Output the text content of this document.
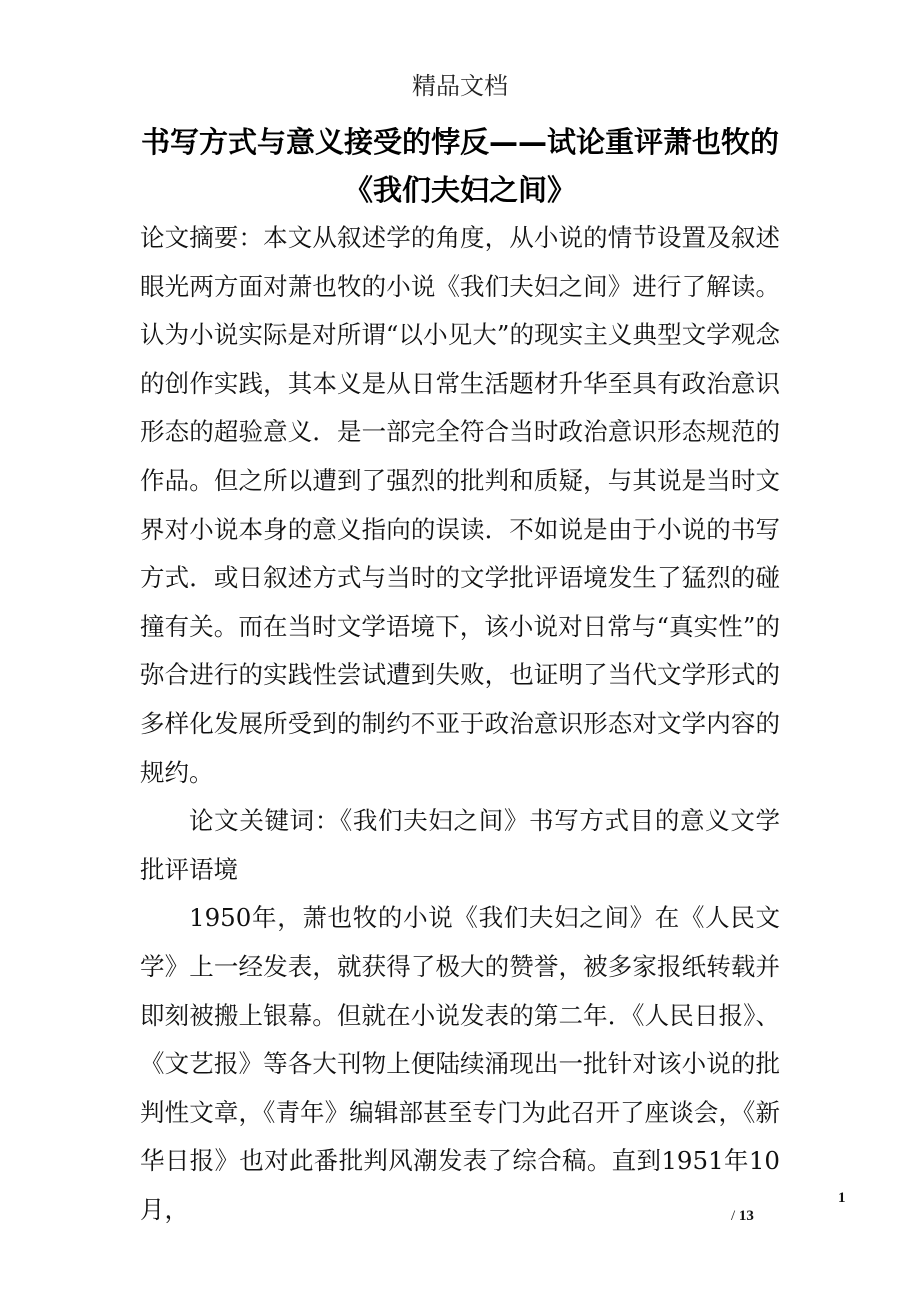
精品文档
书写方式与意义接受的悖反——试论重评萧也牧的
《我们夫妇之间》

论文摘要：本文从叙述学的角度，从小说的情节设置及叙述眼光两方面对萧也牧的小说《我们夫妇之间》进行了解读。认为小说实际是对所谓“以小见大”的现实主义典型文学观念的创作实践，其本义是从日常生活题材升华至具有政治意识形态的超验意义．是一部完全符合当时政治意识形态规范的作品。但之所以遭到了强烈的批判和质疑，与其说是当时文界对小说本身的意义指向的误读．不如说是由于小说的书写方式．或日叙述方式与当时的文学批评语境发生了猛烈的碰撞有关。而在当时文学语境下，该小说对日常与“真实性”的弥合进行的实践性尝试遭到失败，也证明了当代文学形式的多样化发展所受到的制约不亚于政治意识形态对文学内容的规约。

论文关键词：《我们夫妇之间》书写方式目的意义文学批评语境

1950年，萧也牧的小说《我们夫妇之间》在《人民文学》上一经发表，就获得了极大的赞誉，被多家报纸转载并即刻被搬上银幕。但就在小说发表的第二年．《人民日报》、《文艺报》等各大刊物上便陆续涌现出一批针对该小说的批判性文章，《青年》编辑部甚至专门为此召开了座谈会，《新华日报》也对此番批判风潮发表了综合稿。直到1951年10月，	1
/ 13
